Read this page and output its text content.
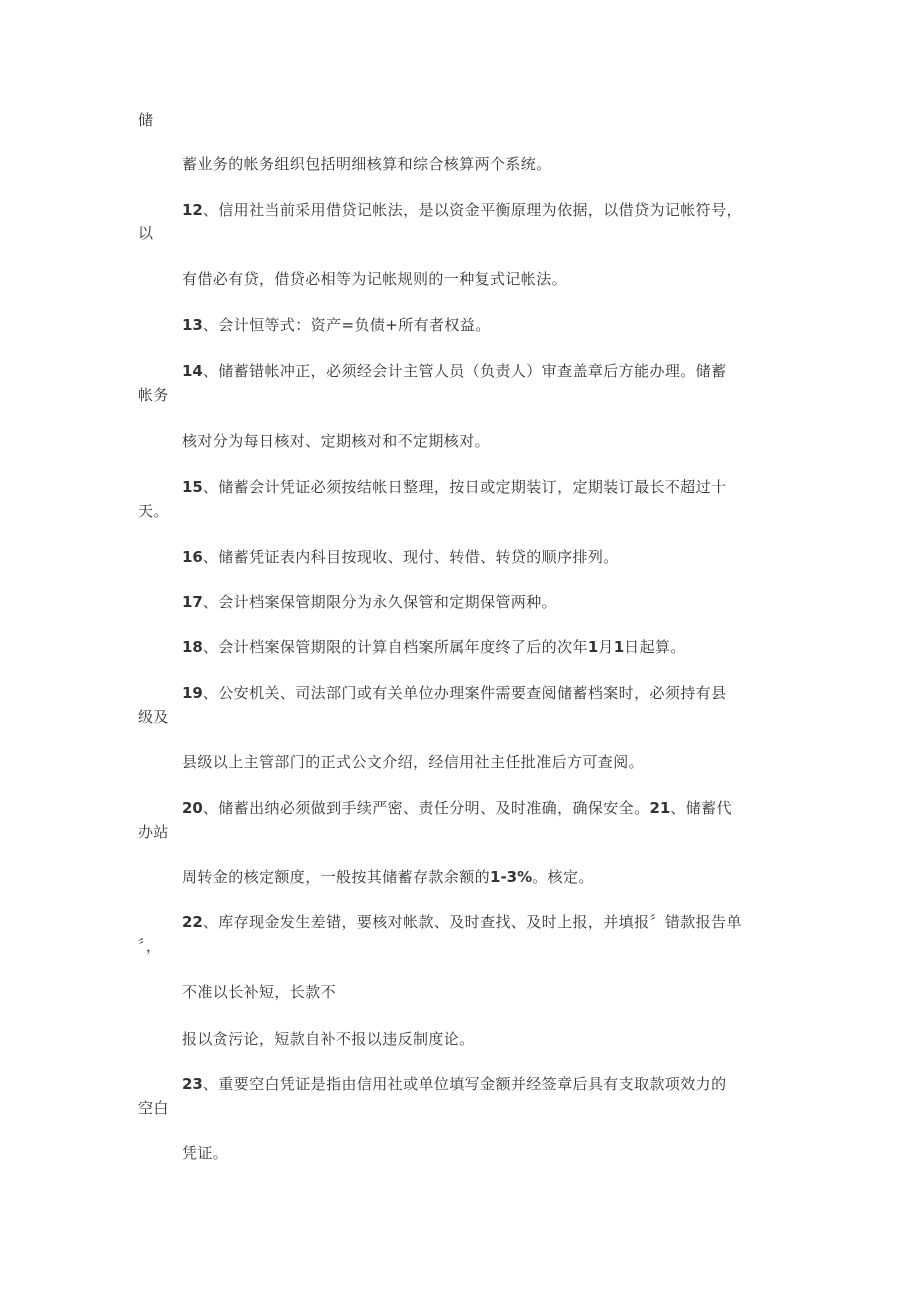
储
蓄业务的帐务组织包括明细核算和综合核算两个系统。
12、信用社当前采用借贷记帐法，是以资金平衡原理为依据，以借贷为记帐符号，
以
有借必有贷，借贷必相等为记帐规则的一种复式记帐法。
13、会计恒等式：资产=负债+所有者权益。
14、储蓄错帐冲正，必须经会计主管人员（负责人）审查盖章后方能办理。储蓄
帐务
核对分为每日核对、定期核对和不定期核对。
15、储蓄会计凭证必须按结帐日整理，按日或定期装订，定期装订最长不超过十
天。
16、储蓄凭证表内科目按现收、现付、转借、转贷的顺序排列。
17、会计档案保管期限分为永久保管和定期保管两种。
18、会计档案保管期限的计算自档案所属年度终了后的次年1月1日起算。
19、公安机关、司法部门或有关单位办理案件需要查阅储蓄档案时，必须持有县
级及
县级以上主管部门的正式公文介绍，经信用社主任批准后方可查阅。
20、储蓄出纳必须做到手续严密、责任分明、及时准确，确保安全。21、储蓄代
办站
周转金的核定额度，一般按其储蓄存款余额的1-3%。核定。
22、库存现金发生差错，要核对帐款、及时查找、及时上报，并填报〞错款报告单
〞，
不准以长补短，长款不
报以贪污论，短款自补不报以违反制度论。
23、重要空白凭证是指由信用社或单位填写金额并经签章后具有支取款项效力的
空白
凭证。
